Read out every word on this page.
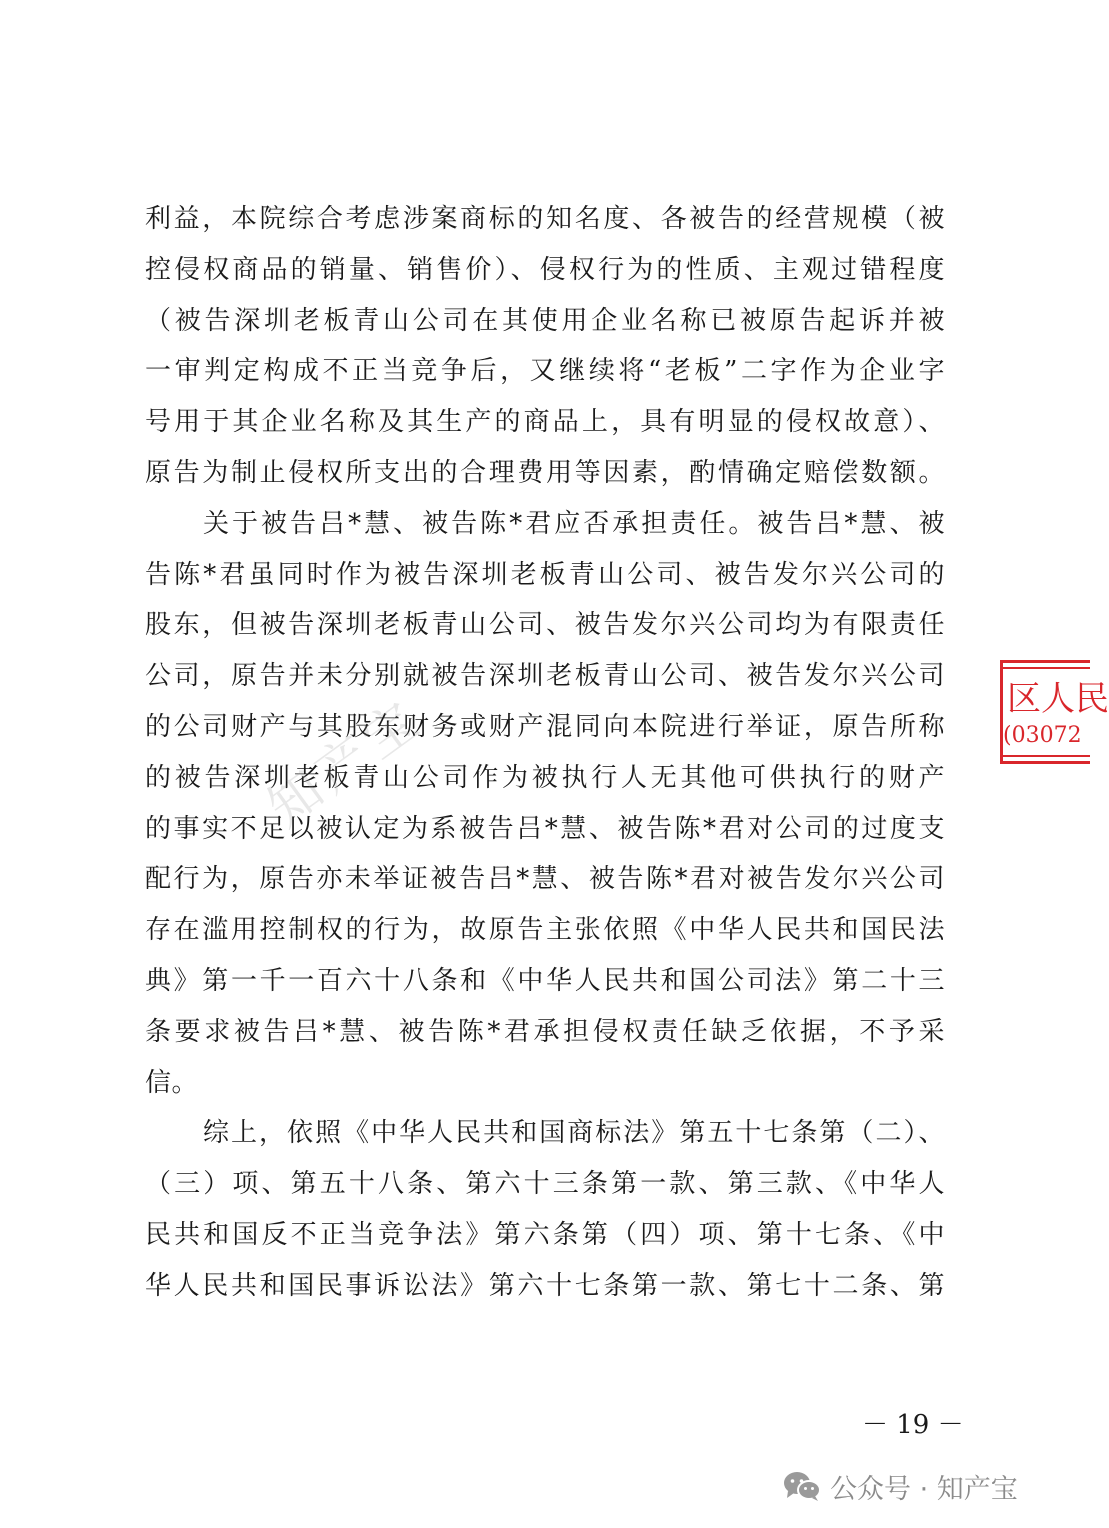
利益，本院综合考虑涉案商标的知名度、各被告的经营规模（被
控侵权商品的销量、销售价）、侵权行为的性质、主观过错程度
（被告深圳老板青山公司在其使用企业名称已被原告起诉并被
一审判定构成不正当竞争后，又继续将“老板”二字作为企业字
号用于其企业名称及其生产的商品上，具有明显的侵权故意）、
原告为制止侵权所支出的合理费用等因素，酌情确定赔偿数额。
关于被告吕*慧、被告陈*君应否承担责任。被告吕*慧、被
告陈*君虽同时作为被告深圳老板青山公司、被告发尔兴公司的
股东，但被告深圳老板青山公司、被告发尔兴公司均为有限责任
公司，原告并未分别就被告深圳老板青山公司、被告发尔兴公司
的公司财产与其股东财务或财产混同向本院进行举证，原告所称
的被告深圳老板青山公司作为被执行人无其他可供执行的财产
的事实不足以被认定为系被告吕*慧、被告陈*君对公司的过度支
配行为，原告亦未举证被告吕*慧、被告陈*君对被告发尔兴公司
存在滥用控制权的行为，故原告主张依照《中华人民共和国民法
典》第一千一百六十八条和《中华人民共和国公司法》第二十三
条要求被告吕*慧、被告陈*君承担侵权责任缺乏依据，不予采
信。
综上，依照《中华人民共和国商标法》第五十七条第（二）、
（三）项、第五十八条、第六十三条第一款、第三款、《中华人
民共和国反不正当竞争法》第六条第（四）项、第十七条、《中
华人民共和国民事诉讼法》第六十七条第一款、第七十二条、第
知产宝	区人民
(03072
－ 19 －
公众号 · 知产宝
